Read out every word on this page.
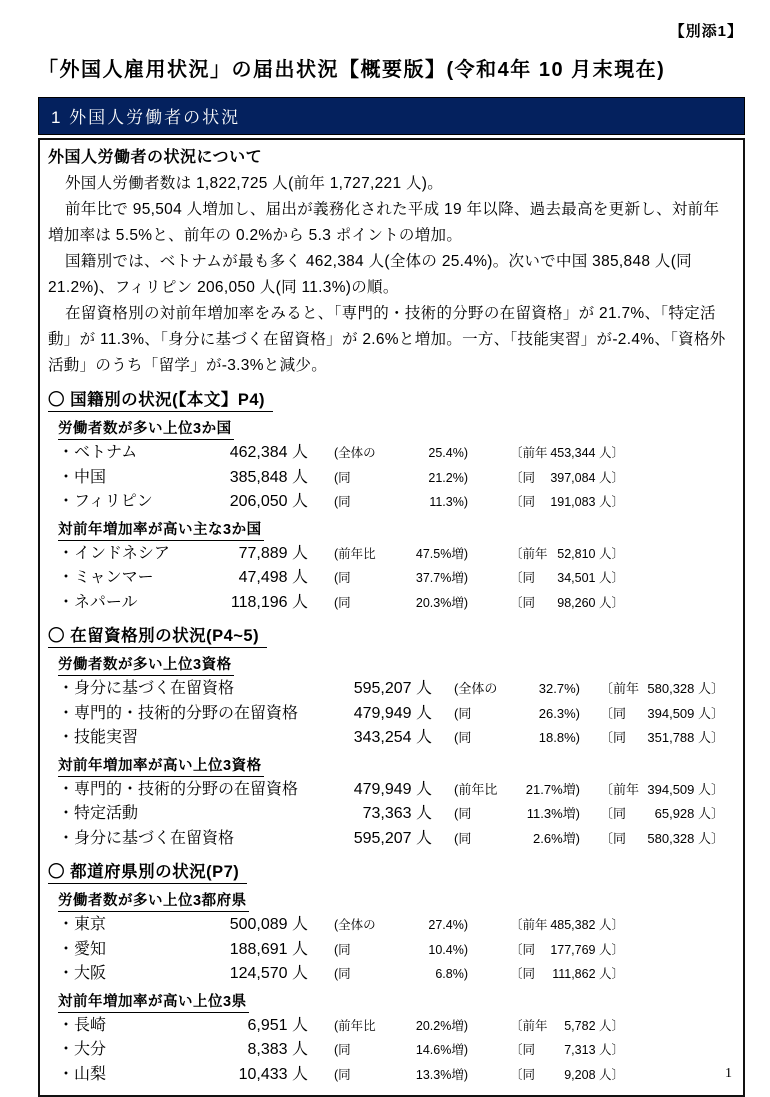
【別添1】
「外国人雇用状況」の届出状況【概要版】(令和4年 10 月末現在)
1 外国人労働者の状況
外国人労働者の状況について

外国人労働者数は 1,822,725 人(前年 1,727,221 人)。

前年比で 95,504 人増加し、届出が義務化された平成 19 年以降、過去最高を更新し、対前年増加率は 5.5%と、前年の 0.2%から 5.3 ポイントの増加。

国籍別では、ベトナムが最も多く 462,384 人(全体の 25.4%)。次いで中国 385,848 人(同 21.2%)、フィリピン 206,050 人(同 11.3%)の順。

在留資格別の対前年増加率をみると、「専門的・技術的分野の在留資格」が 21.7%、「特定活動」が 11.3%、「身分に基づく在留資格」が 2.6%と増加。一方、「技能実習」が-2.4%、「資格外活動」のうち「留学」が-3.3%と減少。

〇 国籍別の状況(【本文】P4)
労働者数が多い上位3か国
・ベトナム	462,384 人 (全体の	25.4%)	〔前年 453,344 人〕
・中国	385,848 人 (同	21.2%)	〔同 397,084 人〕
・フィリピン	206,050 人 (同	11.3%)	〔同 191,083 人〕
対前年増加率が高い主な3か国
・インドネシア	77,889 人 (前年比	47.5%増)	〔前年 52,810 人〕
・ミャンマー	47,498 人 (同	37.7%増)	〔同 34,501 人〕
・ネパール	118,196 人 (同	20.3%増)	〔同 98,260 人〕
〇 在留資格別の状況(P4~5)
労働者数が多い上位3資格
・身分に基づく在留資格	595,207 人 (全体の	32.7%) 〔前年 580,328 人〕
・専門的・技術的分野の在留資格	479,949 人 (同	26.3%) 〔同 394,509 人〕
・技能実習	343,254 人 (同	18.8%) 〔同 351,788 人〕
対前年増加率が高い上位3資格
・専門的・技術的分野の在留資格	479,949 人 (前年比 21.7%増) 〔前年 394,509 人〕
・特定活動	73,363 人 (同	11.3%増) 〔同 65,928 人〕
・身分に基づく在留資格	595,207 人 (同	2.6%増) 〔同 580,328 人〕
〇 都道府県別の状況(P7)
労働者数が多い上位3都府県
・東京	500,089 人 (全体の	27.4%)	〔前年 485,382 人〕
・愛知	188,691 人 (同	10.4%)	〔同 177,769 人〕
・大阪	124,570 人 (同	6.8%)	〔同 111,862 人〕
対前年増加率が高い上位3県
・長崎	6,951 人 (前年比	20.2%増)	〔前年 5,782 人〕
・大分	8,383 人 (同	14.6%増)	〔同 7,313 人〕
・山梨	10,433 人 (同	13.3%増)	〔同 9,208 人〕	1
